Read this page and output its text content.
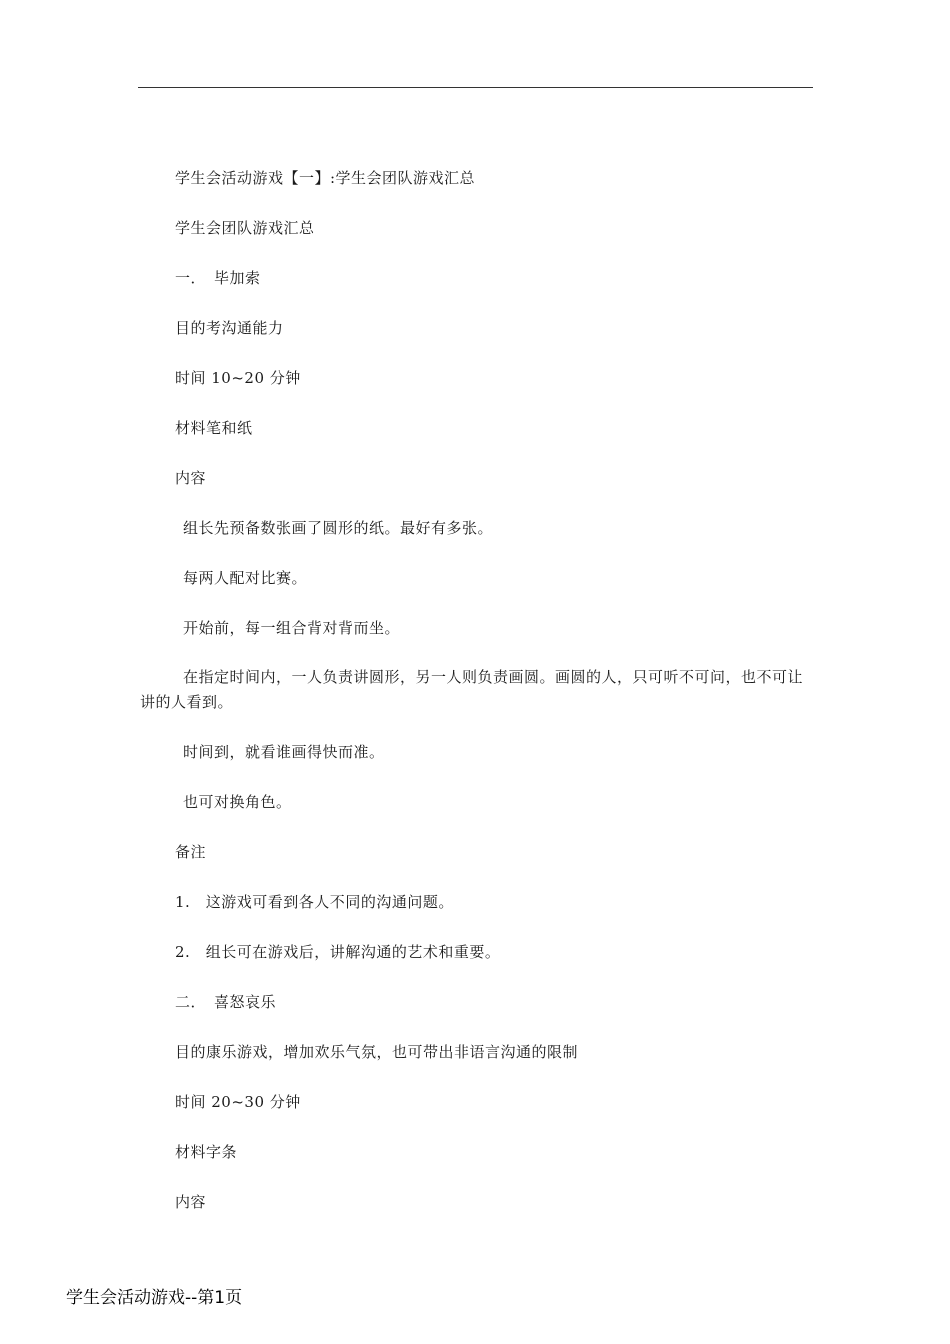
学生会活动游戏【一】:学生会团队游戏汇总
学生会团队游戏汇总
一．　毕加索
目的考沟通能力
时间 10~20 分钟
材料笔和纸
内容
组长先预备数张画了圆形的纸。最好有多张。
每两人配对比赛。
开始前，每一组合背对背而坐。
在指定时间内，一人负责讲圆形，另一人则负责画圆。画圆的人，只可听不可问，也不可让讲的人看到。
时间到，就看谁画得快而准。
也可对换角色。
备注
1.　这游戏可看到各人不同的沟通问题。
2.　组长可在游戏后，讲解沟通的艺术和重要。
二．　喜怒哀乐
目的康乐游戏，增加欢乐气氛，也可带出非语言沟通的限制
时间 20~30 分钟
材料字条
内容
学生会活动游戏--第1页
